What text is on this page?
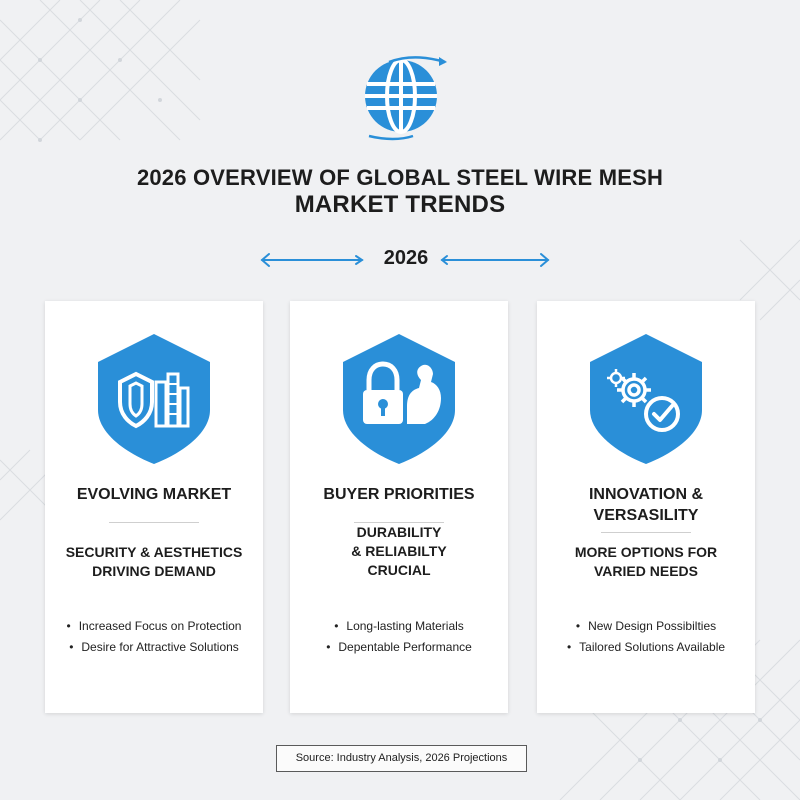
2026 OVERVIEW OF GLOBAL STEEL WIRE MESH
MARKET TRENDS
2026
EVOLVING MARKET
SECURITY & AESTHETICS
DRIVING DEMAND
• Increased Focus on Protection
• Desire for Attractive Solutions
BUYER PRIORITIES
DURABILITY
& RELIABILTY
CRUCIAL
• Long-lasting Materials
• Depentable Performance
INNOVATION &
VERSASILITY
MORE OPTIONS FOR
VARIED NEEDS
• New Design Possibilties
• Tailored Solutions Available
Source: Industry Analysis, 2026 Projections
